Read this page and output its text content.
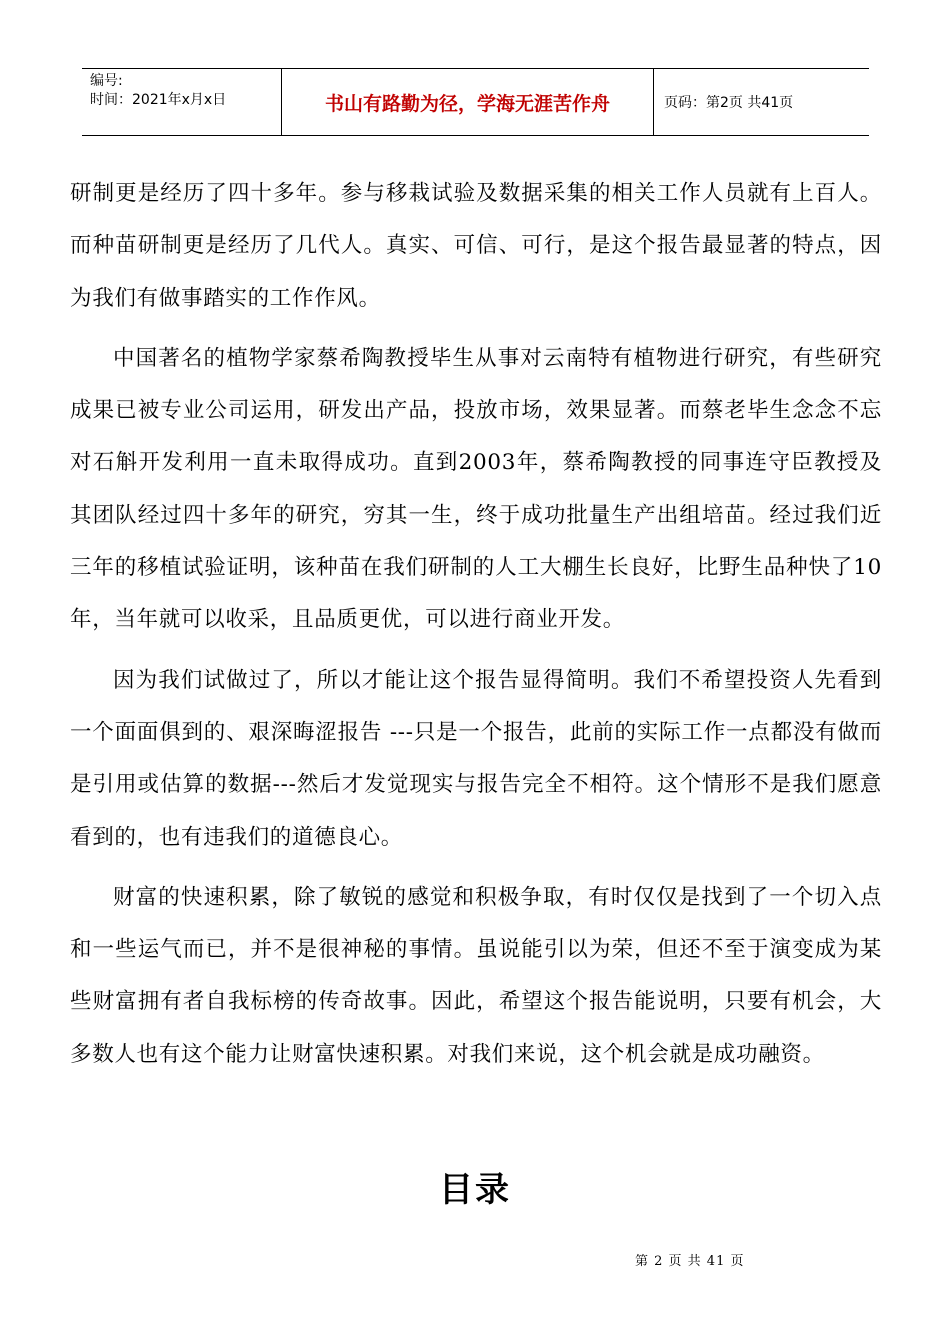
编号:
时间：2021年x月x日	书山有路勤为径，学海无涯苦作舟	页码：第2页 共41页

研制更是经历了四十多年。参与移栽试验及数据采集的相关工作人员就有上百人。而种苗研制更是经历了几代人。真实、可信、可行，是这个报告最显著的特点，因为我们有做事踏实的工作作风。

中国著名的植物学家蔡希陶教授毕生从事对云南特有植物进行研究，有些研究成果已被专业公司运用，研发出产品，投放市场，效果显著。而蔡老毕生念念不忘对石斛开发利用一直未取得成功。直到2003年，蔡希陶教授的同事连守臣教授及其团队经过四十多年的研究，穷其一生，终于成功批量生产出组培苗。经过我们近三年的移植试验证明，该种苗在我们研制的人工大棚生长良好，比野生品种快了10年，当年就可以收采，且品质更优，可以进行商业开发。

因为我们试做过了，所以才能让这个报告显得简明。我们不希望投资人先看到一个面面俱到的、艰深晦涩报告 ---只是一个报告，此前的实际工作一点都没有做而是引用或估算的数据---然后才发觉现实与报告完全不相符。这个情形不是我们愿意看到的，也有违我们的道德良心。

财富的快速积累，除了敏锐的感觉和积极争取，有时仅仅是找到了一个切入点和一些运气而已，并不是很神秘的事情。虽说能引以为荣，但还不至于演变成为某些财富拥有者自我标榜的传奇故事。因此，希望这个报告能说明，只要有机会，大多数人也有这个能力让财富快速积累。对我们来说，这个机会就是成功融资。

目录
第 2 页 共 41 页
